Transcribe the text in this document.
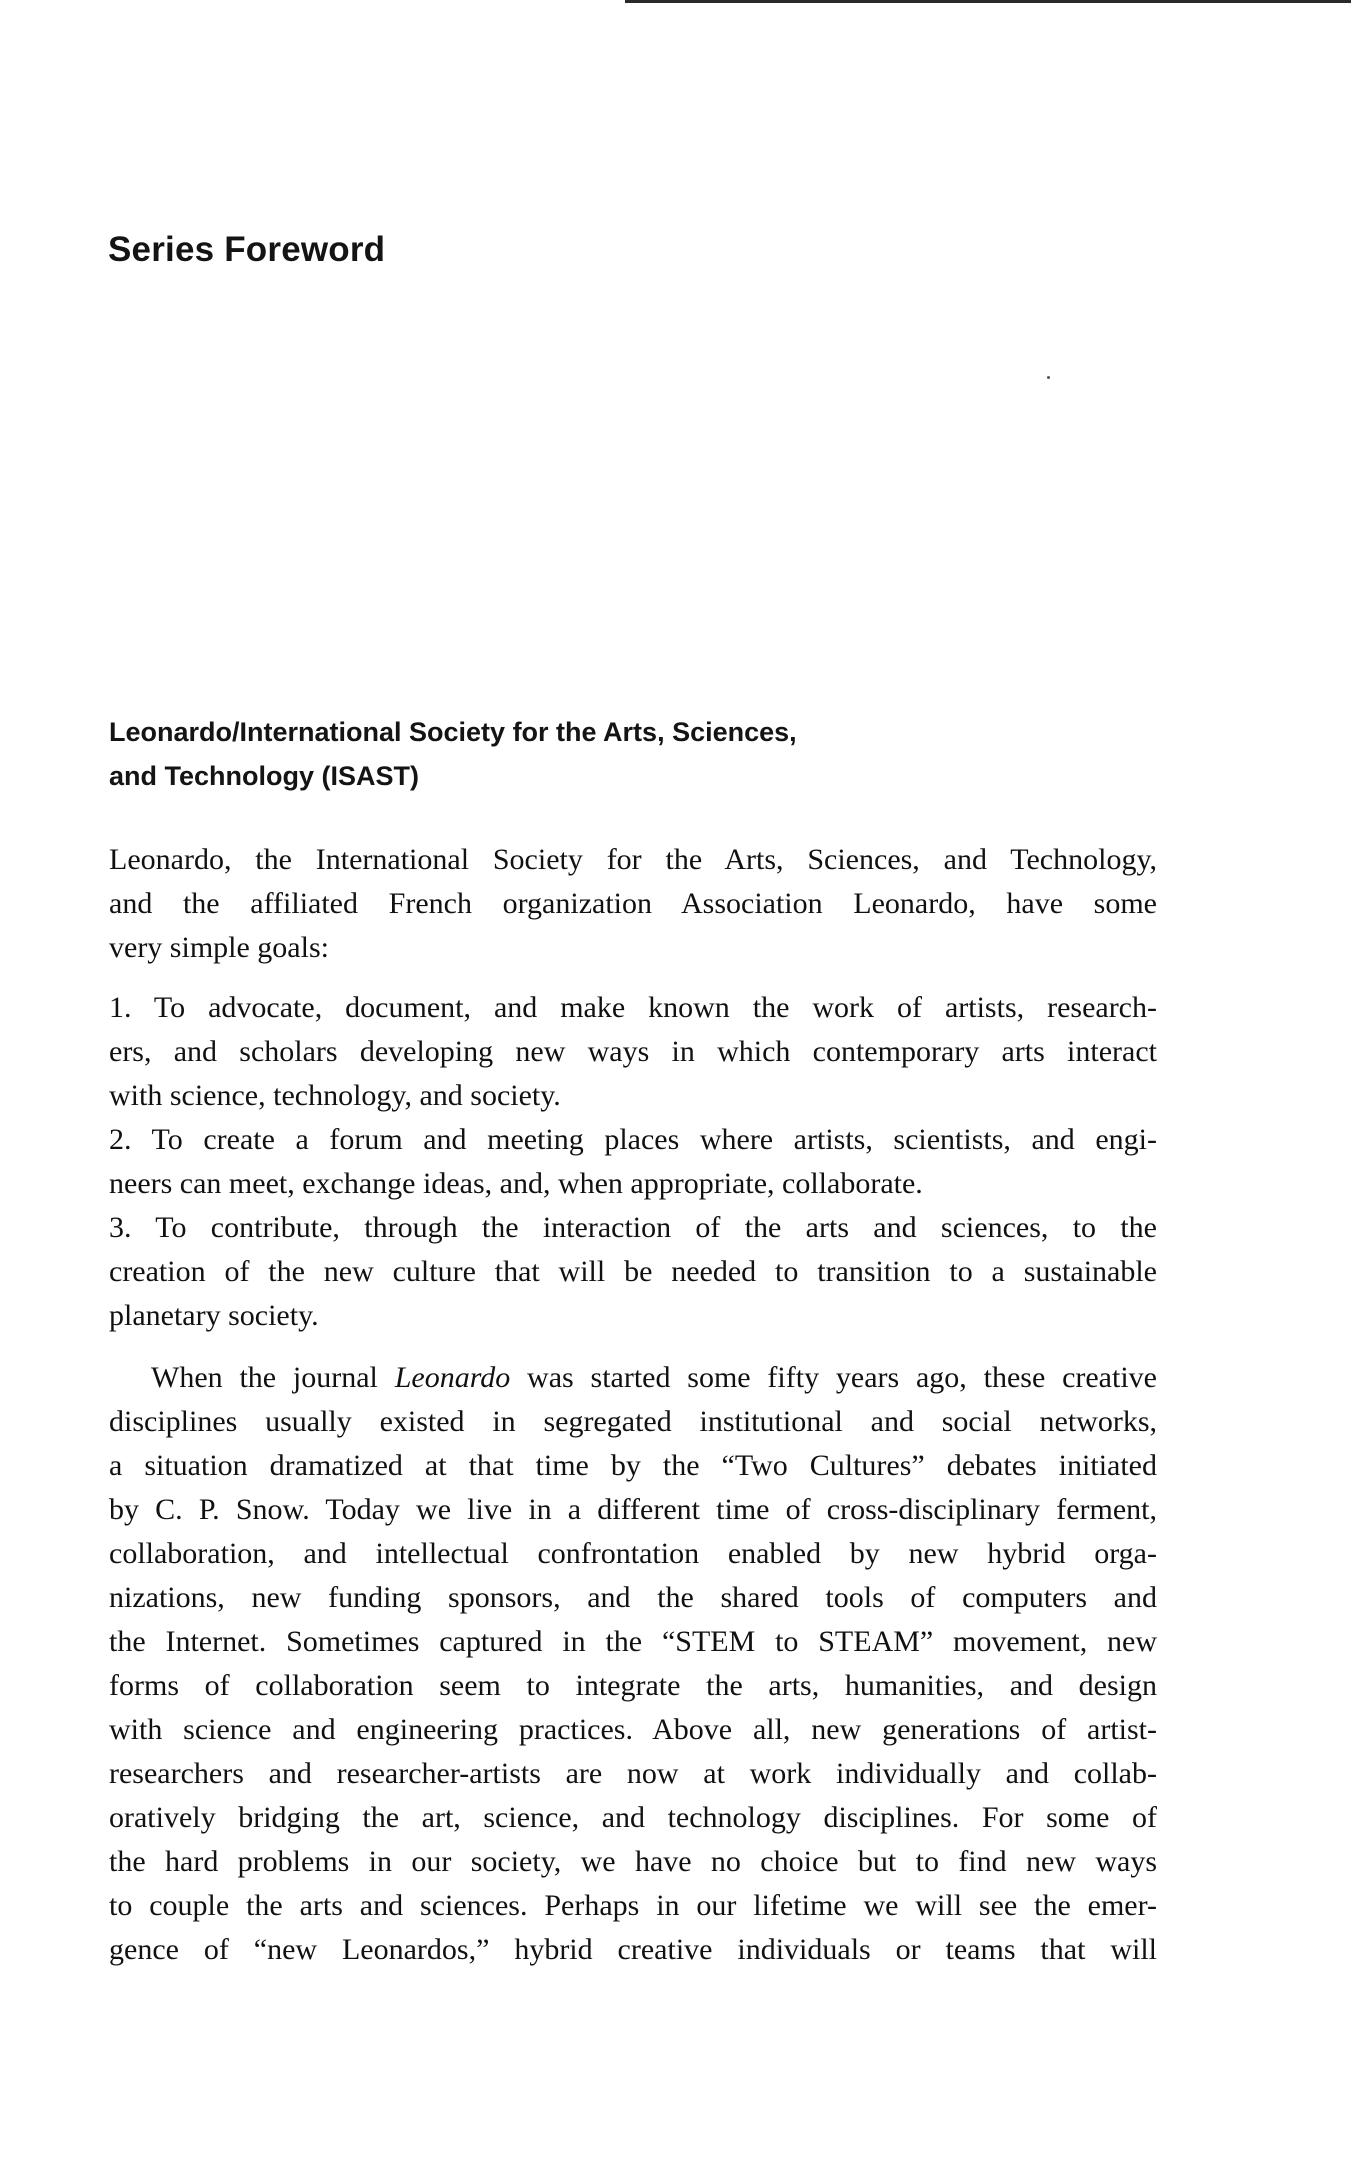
Series Foreword
Leonardo/International Society for the Arts, Sciences,
and Technology (ISAST)

Leonardo, the International Society for the Arts, Sciences, and Technology,
and the affiliated French organization Association Leonardo, have some
very simple goals:

1. To advocate, document, and make known the work of artists, research-
ers, and scholars developing new ways in which contemporary arts interact
with science, technology, and society.
2. To create a forum and meeting places where artists, scientists, and engi-
neers can meet, exchange ideas, and, when appropriate, collaborate.
3. To contribute, through the interaction of the arts and sciences, to the
creation of the new culture that will be needed to transition to a sustainable
planetary society.

When the journal Leonardo was started some fifty years ago, these creative
disciplines usually existed in segregated institutional and social networks,
a situation dramatized at that time by the “Two Cultures” debates initiated
by C. P. Snow. Today we live in a different time of cross-disciplinary ferment,
collaboration, and intellectual confrontation enabled by new hybrid orga-
nizations, new funding sponsors, and the shared tools of computers and
the Internet. Sometimes captured in the “STEM to STEAM” movement, new
forms of collaboration seem to integrate the arts, humanities, and design
with science and engineering practices. Above all, new generations of artist-
researchers and researcher-artists are now at work individually and collab-
oratively bridging the art, science, and technology disciplines. For some of
the hard problems in our society, we have no choice but to find new ways
to couple the arts and sciences. Perhaps in our lifetime we will see the emer-
gence of “new Leonardos,” hybrid creative individuals or teams that will
